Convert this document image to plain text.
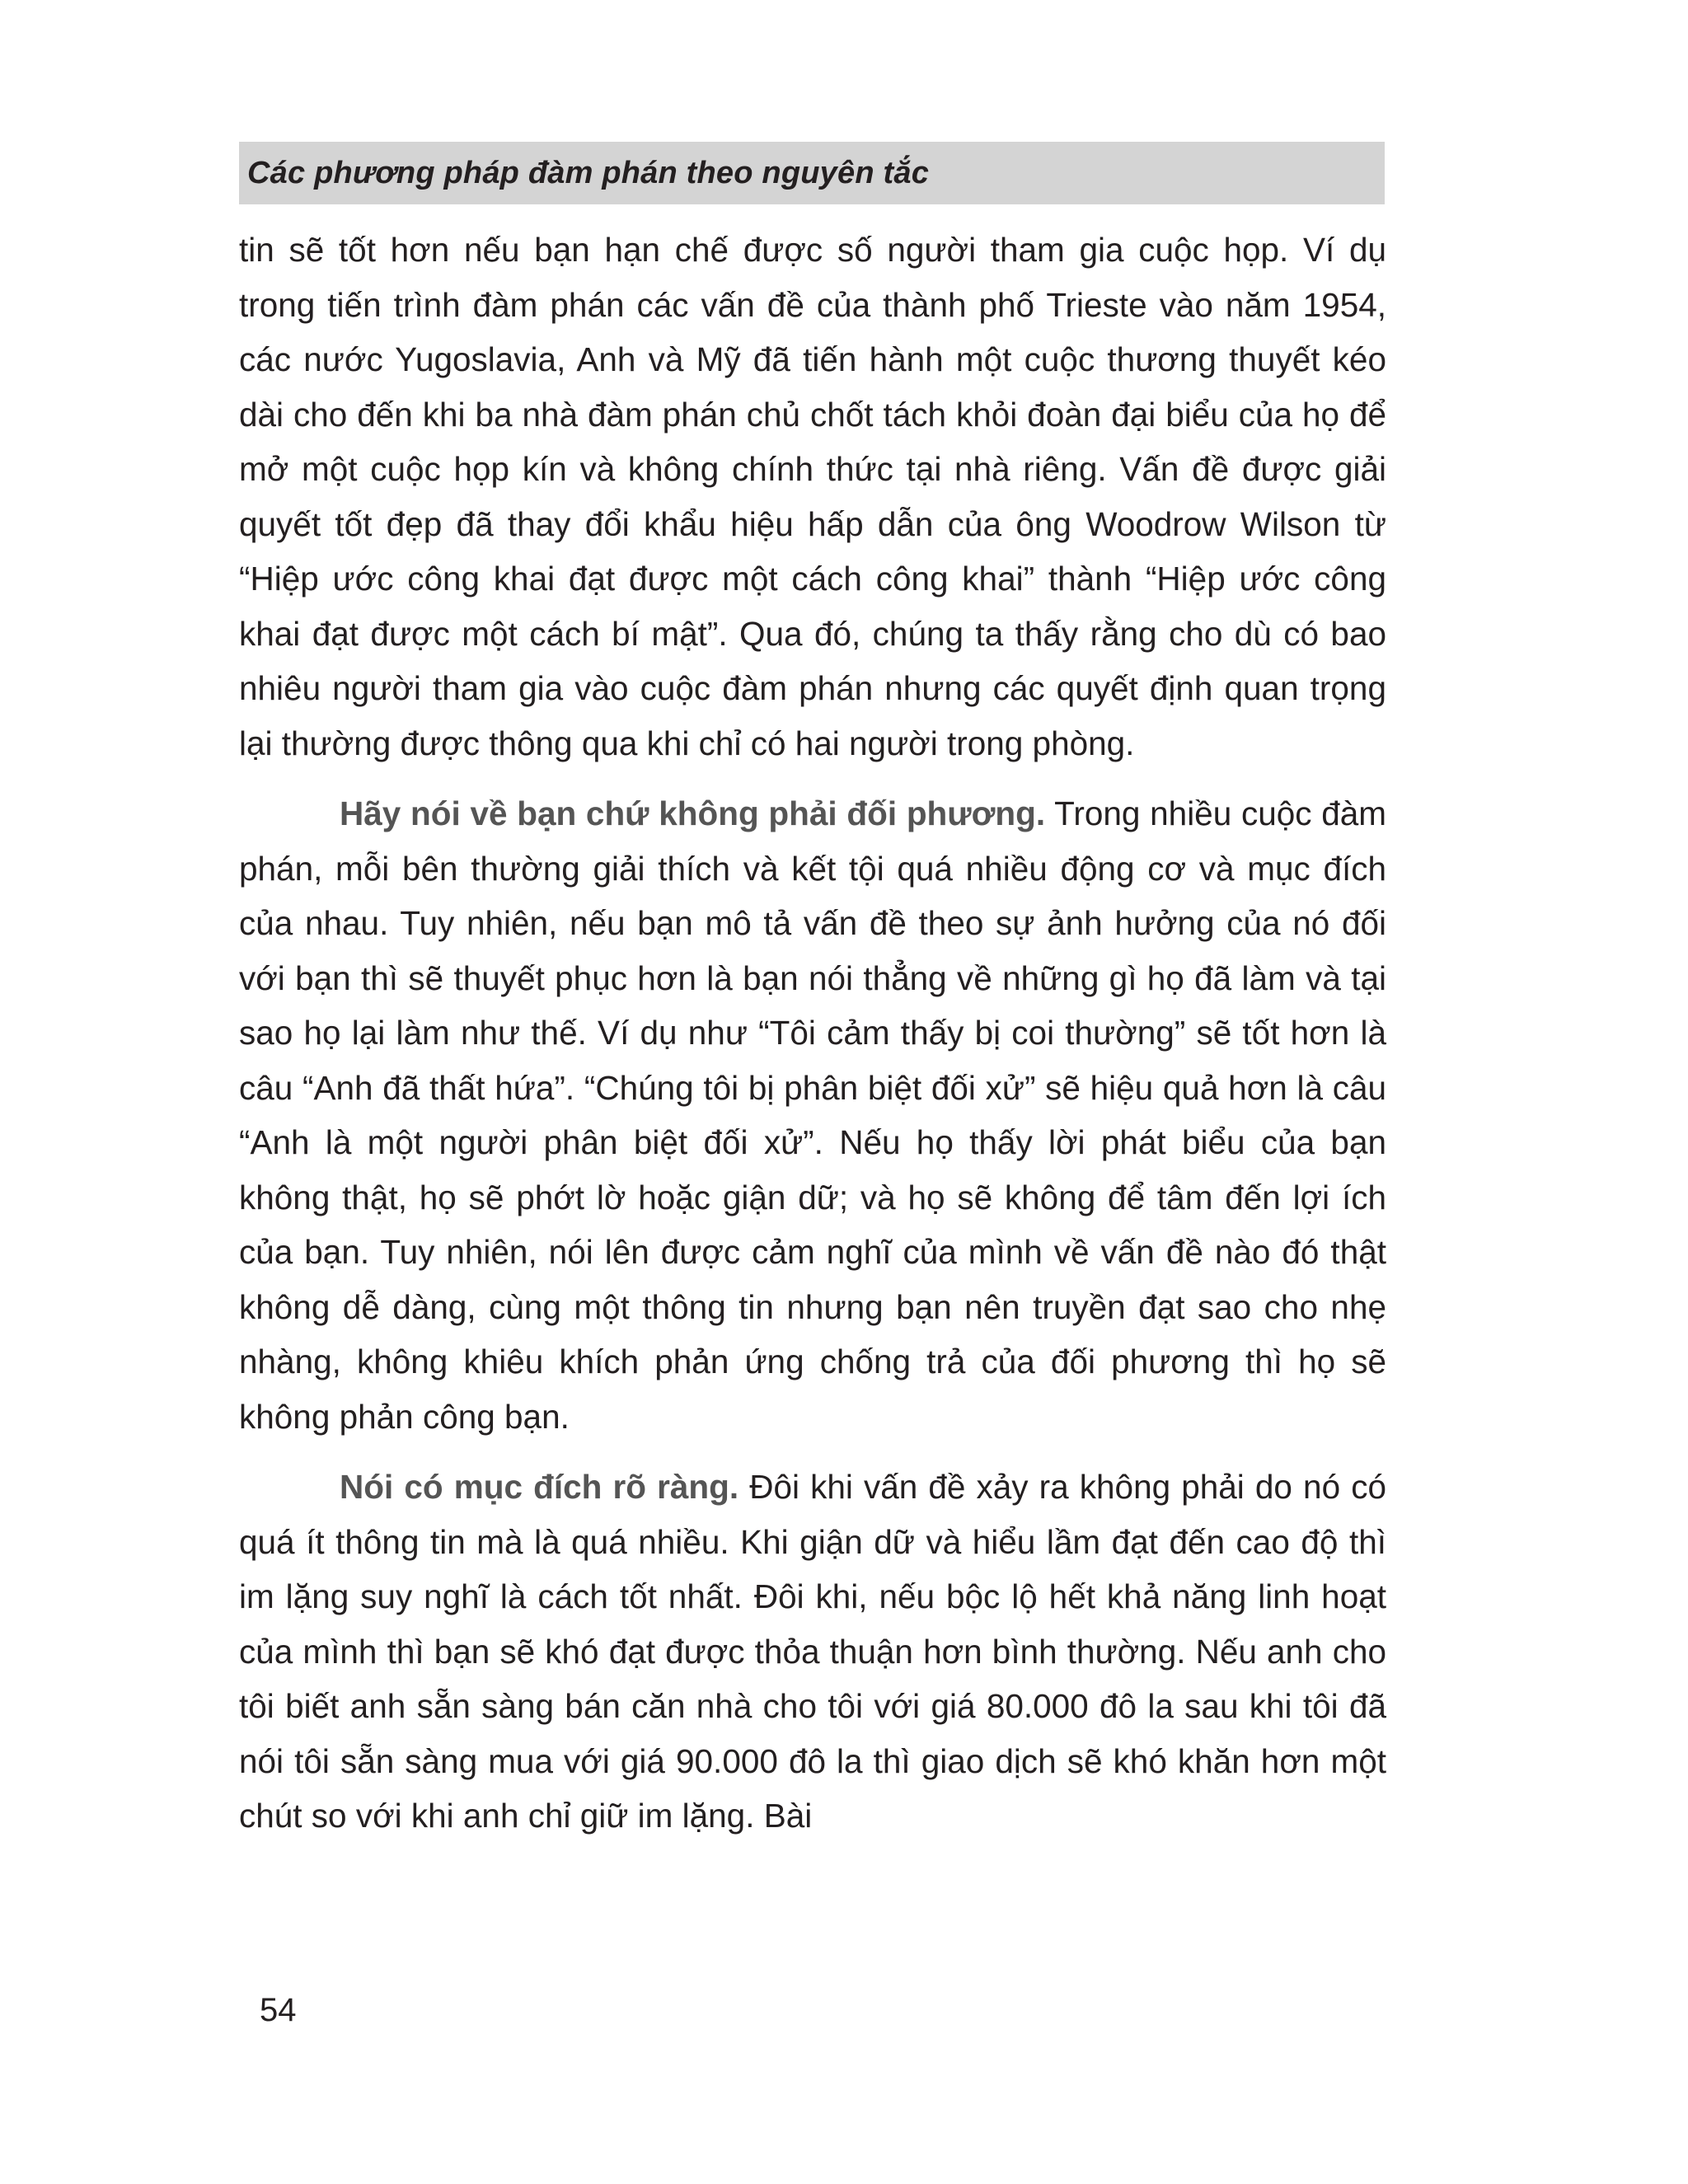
Các phương pháp đàm phán theo nguyên tắc

tin sẽ tốt hơn nếu bạn hạn chế được số người tham gia cuộc họp. Ví dụ trong tiến trình đàm phán các vấn đề của thành phố Trieste vào năm 1954, các nước Yugoslavia, Anh và Mỹ đã tiến hành một cuộc thương thuyết kéo dài cho đến khi ba nhà đàm phán chủ chốt tách khỏi đoàn đại biểu của họ để mở một cuộc họp kín và không chính thức tại nhà riêng. Vấn đề được giải quyết tốt đẹp đã thay đổi khẩu hiệu hấp dẫn của ông Woodrow Wilson từ “Hiệp ước công khai đạt được một cách công khai” thành “Hiệp ước công khai đạt được một cách bí mật”. Qua đó, chúng ta thấy rằng cho dù có bao nhiêu người tham gia vào cuộc đàm phán nhưng các quyết định quan trọng lại thường được thông qua khi chỉ có hai người trong phòng.

Hãy nói về bạn chứ không phải đối phương. Trong nhiều cuộc đàm phán, mỗi bên thường giải thích và kết tội quá nhiều động cơ và mục đích của nhau. Tuy nhiên, nếu bạn mô tả vấn đề theo sự ảnh hưởng của nó đối với bạn thì sẽ thuyết phục hơn là bạn nói thẳng về những gì họ đã làm và tại sao họ lại làm như thế. Ví dụ như “Tôi cảm thấy bị coi thường” sẽ tốt hơn là câu “Anh đã thất hứa”. “Chúng tôi bị phân biệt đối xử” sẽ hiệu quả hơn là câu “Anh là một người phân biệt đối xử”. Nếu họ thấy lời phát biểu của bạn không thật, họ sẽ phớt lờ hoặc giận dữ; và họ sẽ không để tâm đến lợi ích của bạn. Tuy nhiên, nói lên được cảm nghĩ của mình về vấn đề nào đó thật không dễ dàng, cùng một thông tin nhưng bạn nên truyền đạt sao cho nhẹ nhàng, không khiêu khích phản ứng chống trả của đối phương thì họ sẽ không phản công bạn.

Nói có mục đích rõ ràng. Đôi khi vấn đề xảy ra không phải do nó có quá ít thông tin mà là quá nhiều. Khi giận dữ và hiểu lầm đạt đến cao độ thì im lặng suy nghĩ là cách tốt nhất. Đôi khi, nếu bộc lộ hết khả năng linh hoạt của mình thì bạn sẽ khó đạt được thỏa thuận hơn bình thường. Nếu anh cho tôi biết anh sẵn sàng bán căn nhà cho tôi với giá 80.000 đô la sau khi tôi đã nói tôi sẵn sàng mua với giá 90.000 đô la thì giao dịch sẽ khó khăn hơn một chút so với khi anh chỉ giữ im lặng. Bài

54
